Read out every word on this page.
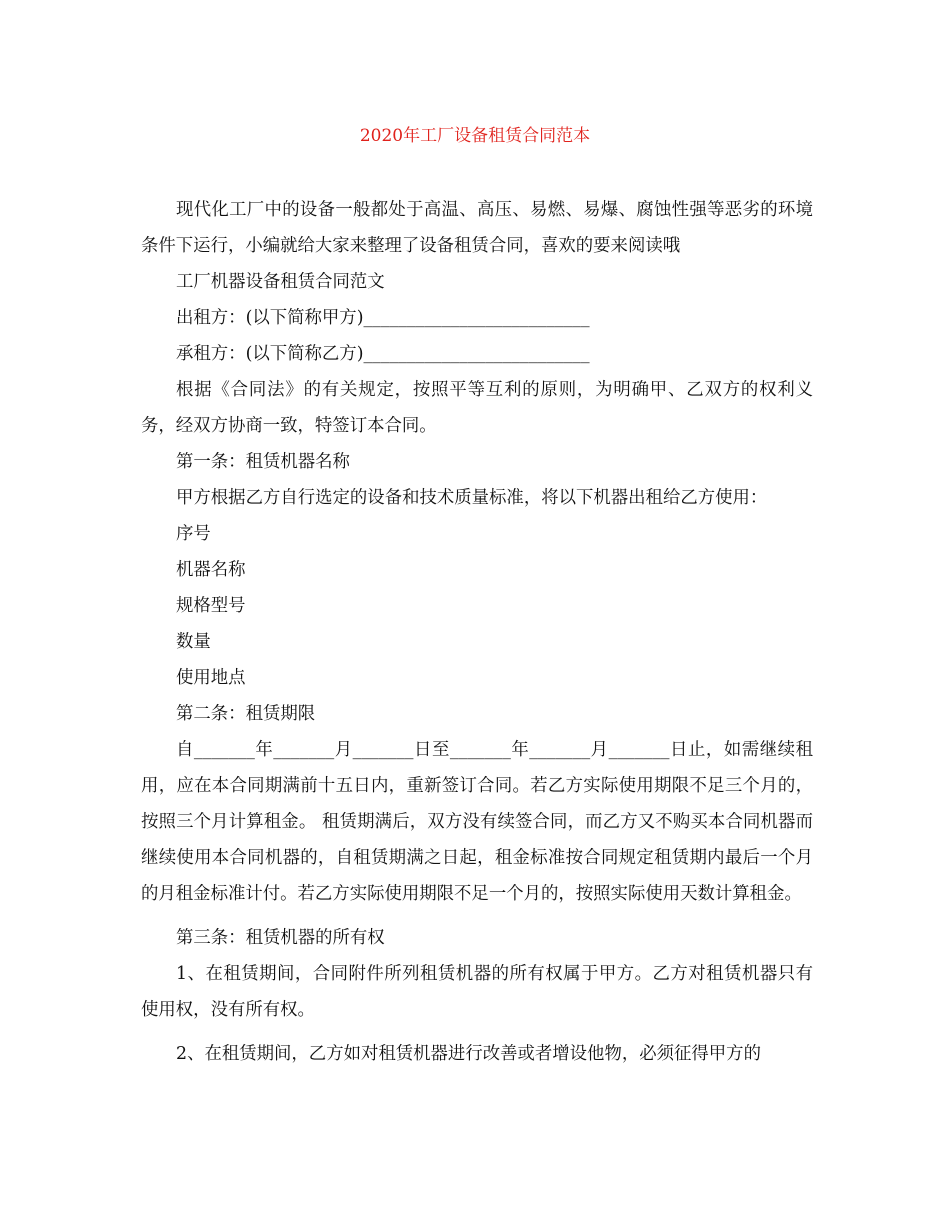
2020年工厂设备租赁合同范本

现代化工厂中的设备一般都处于高温、高压、易燃、易爆、腐蚀性强等恶劣的环境条件下运行，小编就给大家来整理了设备租赁合同，喜欢的要来阅读哦

工厂机器设备租赁合同范文

出租方：(以下简称甲方)__________________________

承租方：(以下简称乙方)__________________________

根据《合同法》的有关规定，按照平等互利的原则，为明确甲、乙双方的权利义务，经双方协商一致，特签订本合同。

第一条：租赁机器名称

甲方根据乙方自行选定的设备和技术质量标准，将以下机器出租给乙方使用：

序号

机器名称

规格型号

数量

使用地点

第二条：租赁期限

自_______年_______月_______日至_______年_______月_______日止，如需继续租用，应在本合同期满前十五日内，重新签订合同。若乙方实际使用期限不足三个月的，按照三个月计算租金。 租赁期满后，双方没有续签合同，而乙方又不购买本合同机器而继续使用本合同机器的，自租赁期满之日起，租金标准按合同规定租赁期内最后一个月的月租金标准计付。若乙方实际使用期限不足一个月的，按照实际使用天数计算租金。

第三条：租赁机器的所有权

1、在租赁期间，合同附件所列租赁机器的所有权属于甲方。乙方对租赁机器只有使用权，没有所有权。

2、在租赁期间，乙方如对租赁机器进行改善或者增设他物，必须征得甲方的
